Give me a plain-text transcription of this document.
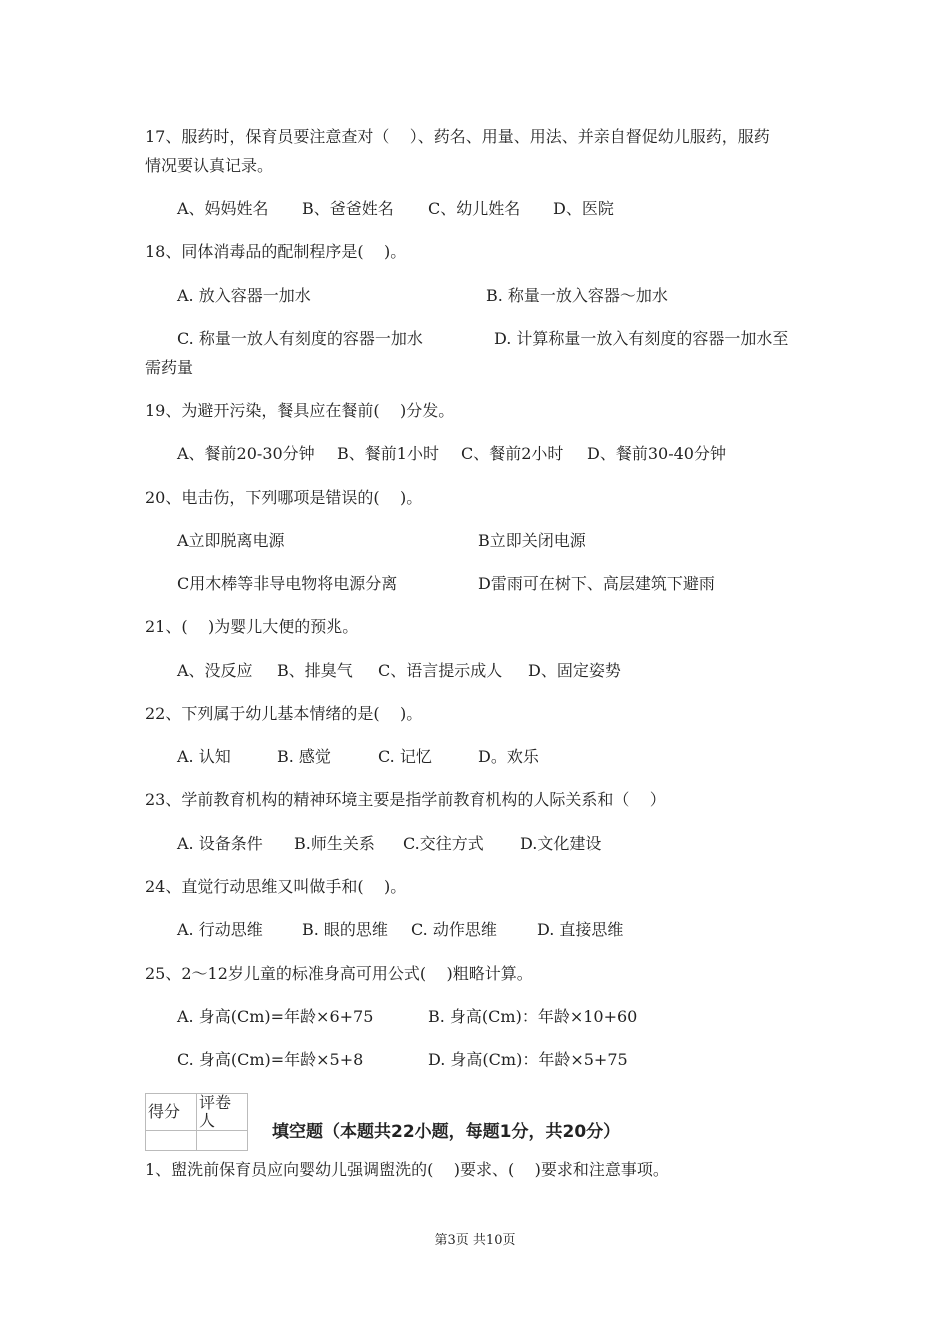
17、服药时，保育员要注意查对（    ）、药名、用量、用法、并亲自督促幼儿服药，服药
情况要认真记录。
A、妈妈姓名 B、爸爸姓名 C、幼儿姓名 D、医院
18、同体消毒品的配制程序是(    )。
A. 放入容器一加水	B. 称量一放入容器～加水
C. 称量一放人有刻度的容器一加水	D. 计算称量一放入有刻度的容器一加水至
需药量
19、为避开污染，餐具应在餐前(    )分发。
A、餐前20-30分钟 B、餐前1小时 C、餐前2小时 D、餐前30-40分钟
20、电击伤，下列哪项是错误的(    )。
A立即脱离电源	B立即关闭电源
C用木棒等非导电物将电源分离	D雷雨可在树下、高层建筑下避雨
21、(    )为婴儿大便的预兆。
A、没反应 B、排臭气 C、语言提示成人 D、固定姿势
22、下列属于幼儿基本情绪的是(    )。
A. 认知	B. 感觉	C. 记忆	D。欢乐
23、学前教育机构的精神环境主要是指学前教育机构的人际关系和（    ）
A. 设备条件 B.师生关系 C.交往方式 D.文化建设
24、直觉行动思维又叫做手和(    )。
A. 行动思维 B. 眼的思维 C. 动作思维	D. 直接思维
25、2～12岁儿童的标准身高可用公式(    )粗略计算。
A. 身高(Cm)=年龄×6+75	B. 身高(Cm)：年龄×10+60
C. 身高(Cm)=年龄×5+8	D. 身高(Cm)：年龄×5+75
得分	评卷人

填空题（本题共22小题，每题1分，共20分）
1、盥洗前保育员应向婴幼儿强调盥洗的(    )要求、(    )要求和注意事项。
第3页 共10页
